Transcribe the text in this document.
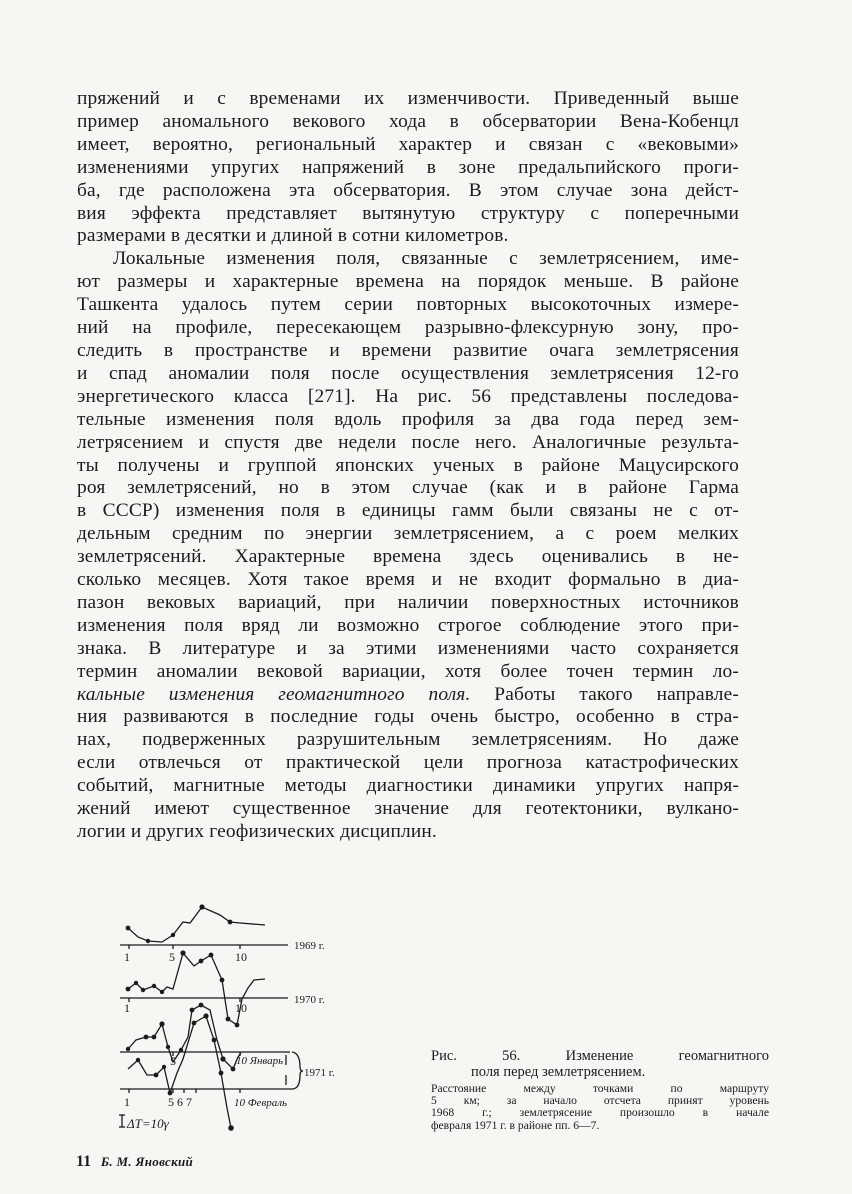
пряжений и с временами их изменчивости. Приведенный выше
пример аномального векового хода в обсерватории Вена-Кобенцл
имеет, вероятно, региональный характер и связан с «вековыми»
изменениями упругих напряжений в зоне предальпийского проги-
ба, где расположена эта обсерватория. В этом случае зона дейст-
вия эффекта представляет вытянутую структуру с поперечными
размерами в десятки и длиной в сотни километров.
Локальные изменения поля, связанные с землетрясением, име-
ют размеры и характерные времена на порядок меньше. В районе
Ташкента удалось путем серии повторных высокоточных измере-
ний на профиле, пересекающем разрывно-флексурную зону, про-
следить в пространстве и времени развитие очага землетрясения
и спад аномалии поля после осуществления землетрясения 12-го
энергетического класса [271]. На рис. 56 представлены последова-
тельные изменения поля вдоль профиля за два года перед зем-
летрясением и спустя две недели после него. Аналогичные результа-
ты получены и группой японских ученых в районе Мацусирского
роя землетрясений, но в этом случае (как и в районе Гарма
в СССР) изменения поля в единицы гамм были связаны не с от-
дельным средним по энергии землетрясением, а с роем мелких
землетрясений. Характерные времена здесь оценивались в не-
сколько месяцев. Хотя такое время и не входит формально в диа-
пазон вековых вариаций, при наличии поверхностных источников
изменения поля вряд ли возможно строгое соблюдение этого при-
знака. В литературе и за этими изменениями часто сохраняется
термин аномалии вековой вариации, хотя более точен термин ло-
кальные изменения геомагнитного поля. Работы такого направле-
ния развиваются в последние годы очень быстро, особенно в стра-
нах, подверженных разрушительным землетрясениям. Но даже
если отвлечься от практической цели прогноза катастрофических
событий, магнитные методы диагностики динамики упругих напря-
жений имеют существенное значение для геотектоники, вулкано-
логии и других геофизических дисциплин.
1	5	10
1969 г.
1	10
1970 г.
5	10 Январь
1971 г.
1	5 6 7	10 Февраль
ΔT=10γ
Рис. 56. Изменение геомагнитного
поля перед землетрясением.
Расстояние между точками по маршруту
5 км; за начало отсчета принят уровень
1968 г.; землетрясение произошло в начале
февраля 1971 г. в районе пп. 6—7.
11 Б. М. Яновский
